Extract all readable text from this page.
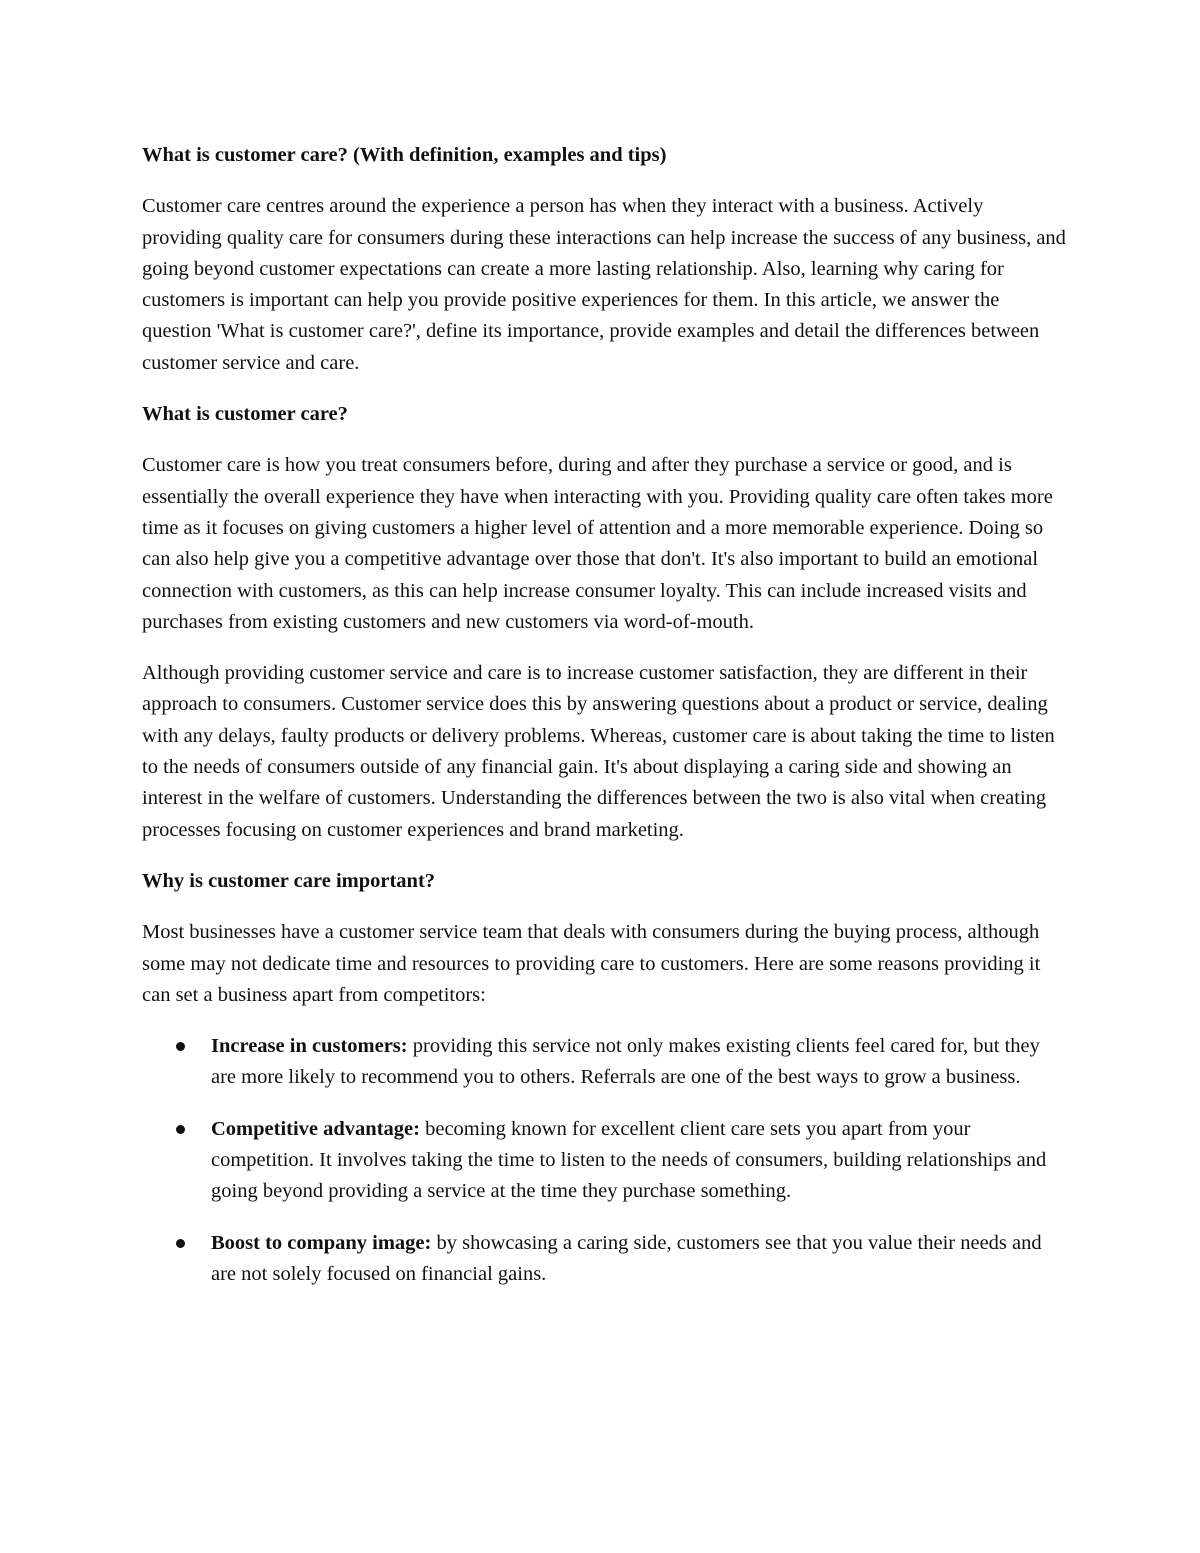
What is customer care? (With definition, examples and tips)

Customer care centres around the experience a person has when they interact with a business. Actively providing quality care for consumers during these interactions can help increase the success of any business, and going beyond customer expectations can create a more lasting relationship. Also, learning why caring for customers is important can help you provide positive experiences for them. In this article, we answer the question 'What is customer care?', define its importance, provide examples and detail the differences between customer service and care.

What is customer care?

Customer care is how you treat consumers before, during and after they purchase a service or good, and is essentially the overall experience they have when interacting with you. Providing quality care often takes more time as it focuses on giving customers a higher level of attention and a more memorable experience. Doing so can also help give you a competitive advantage over those that don't. It's also important to build an emotional connection with customers, as this can help increase consumer loyalty. This can include increased visits and purchases from existing customers and new customers via word-of-mouth.

Although providing customer service and care is to increase customer satisfaction, they are different in their approach to consumers. Customer service does this by answering questions about a product or service, dealing with any delays, faulty products or delivery problems. Whereas, customer care is about taking the time to listen to the needs of consumers outside of any financial gain. It's about displaying a caring side and showing an interest in the welfare of customers. Understanding the differences between the two is also vital when creating processes focusing on customer experiences and brand marketing.

Why is customer care important?

Most businesses have a customer service team that deals with consumers during the buying process, although some may not dedicate time and resources to providing care to customers. Here are some reasons providing it can set a business apart from competitors:

Increase in customers: providing this service not only makes existing clients feel cared for, but they are more likely to recommend you to others. Referrals are one of the best ways to grow a business.
Competitive advantage: becoming known for excellent client care sets you apart from your competition. It involves taking the time to listen to the needs of consumers, building relationships and going beyond providing a service at the time they purchase something.
Boost to company image: by showcasing a caring side, customers see that you value their needs and are not solely focused on financial gains.
